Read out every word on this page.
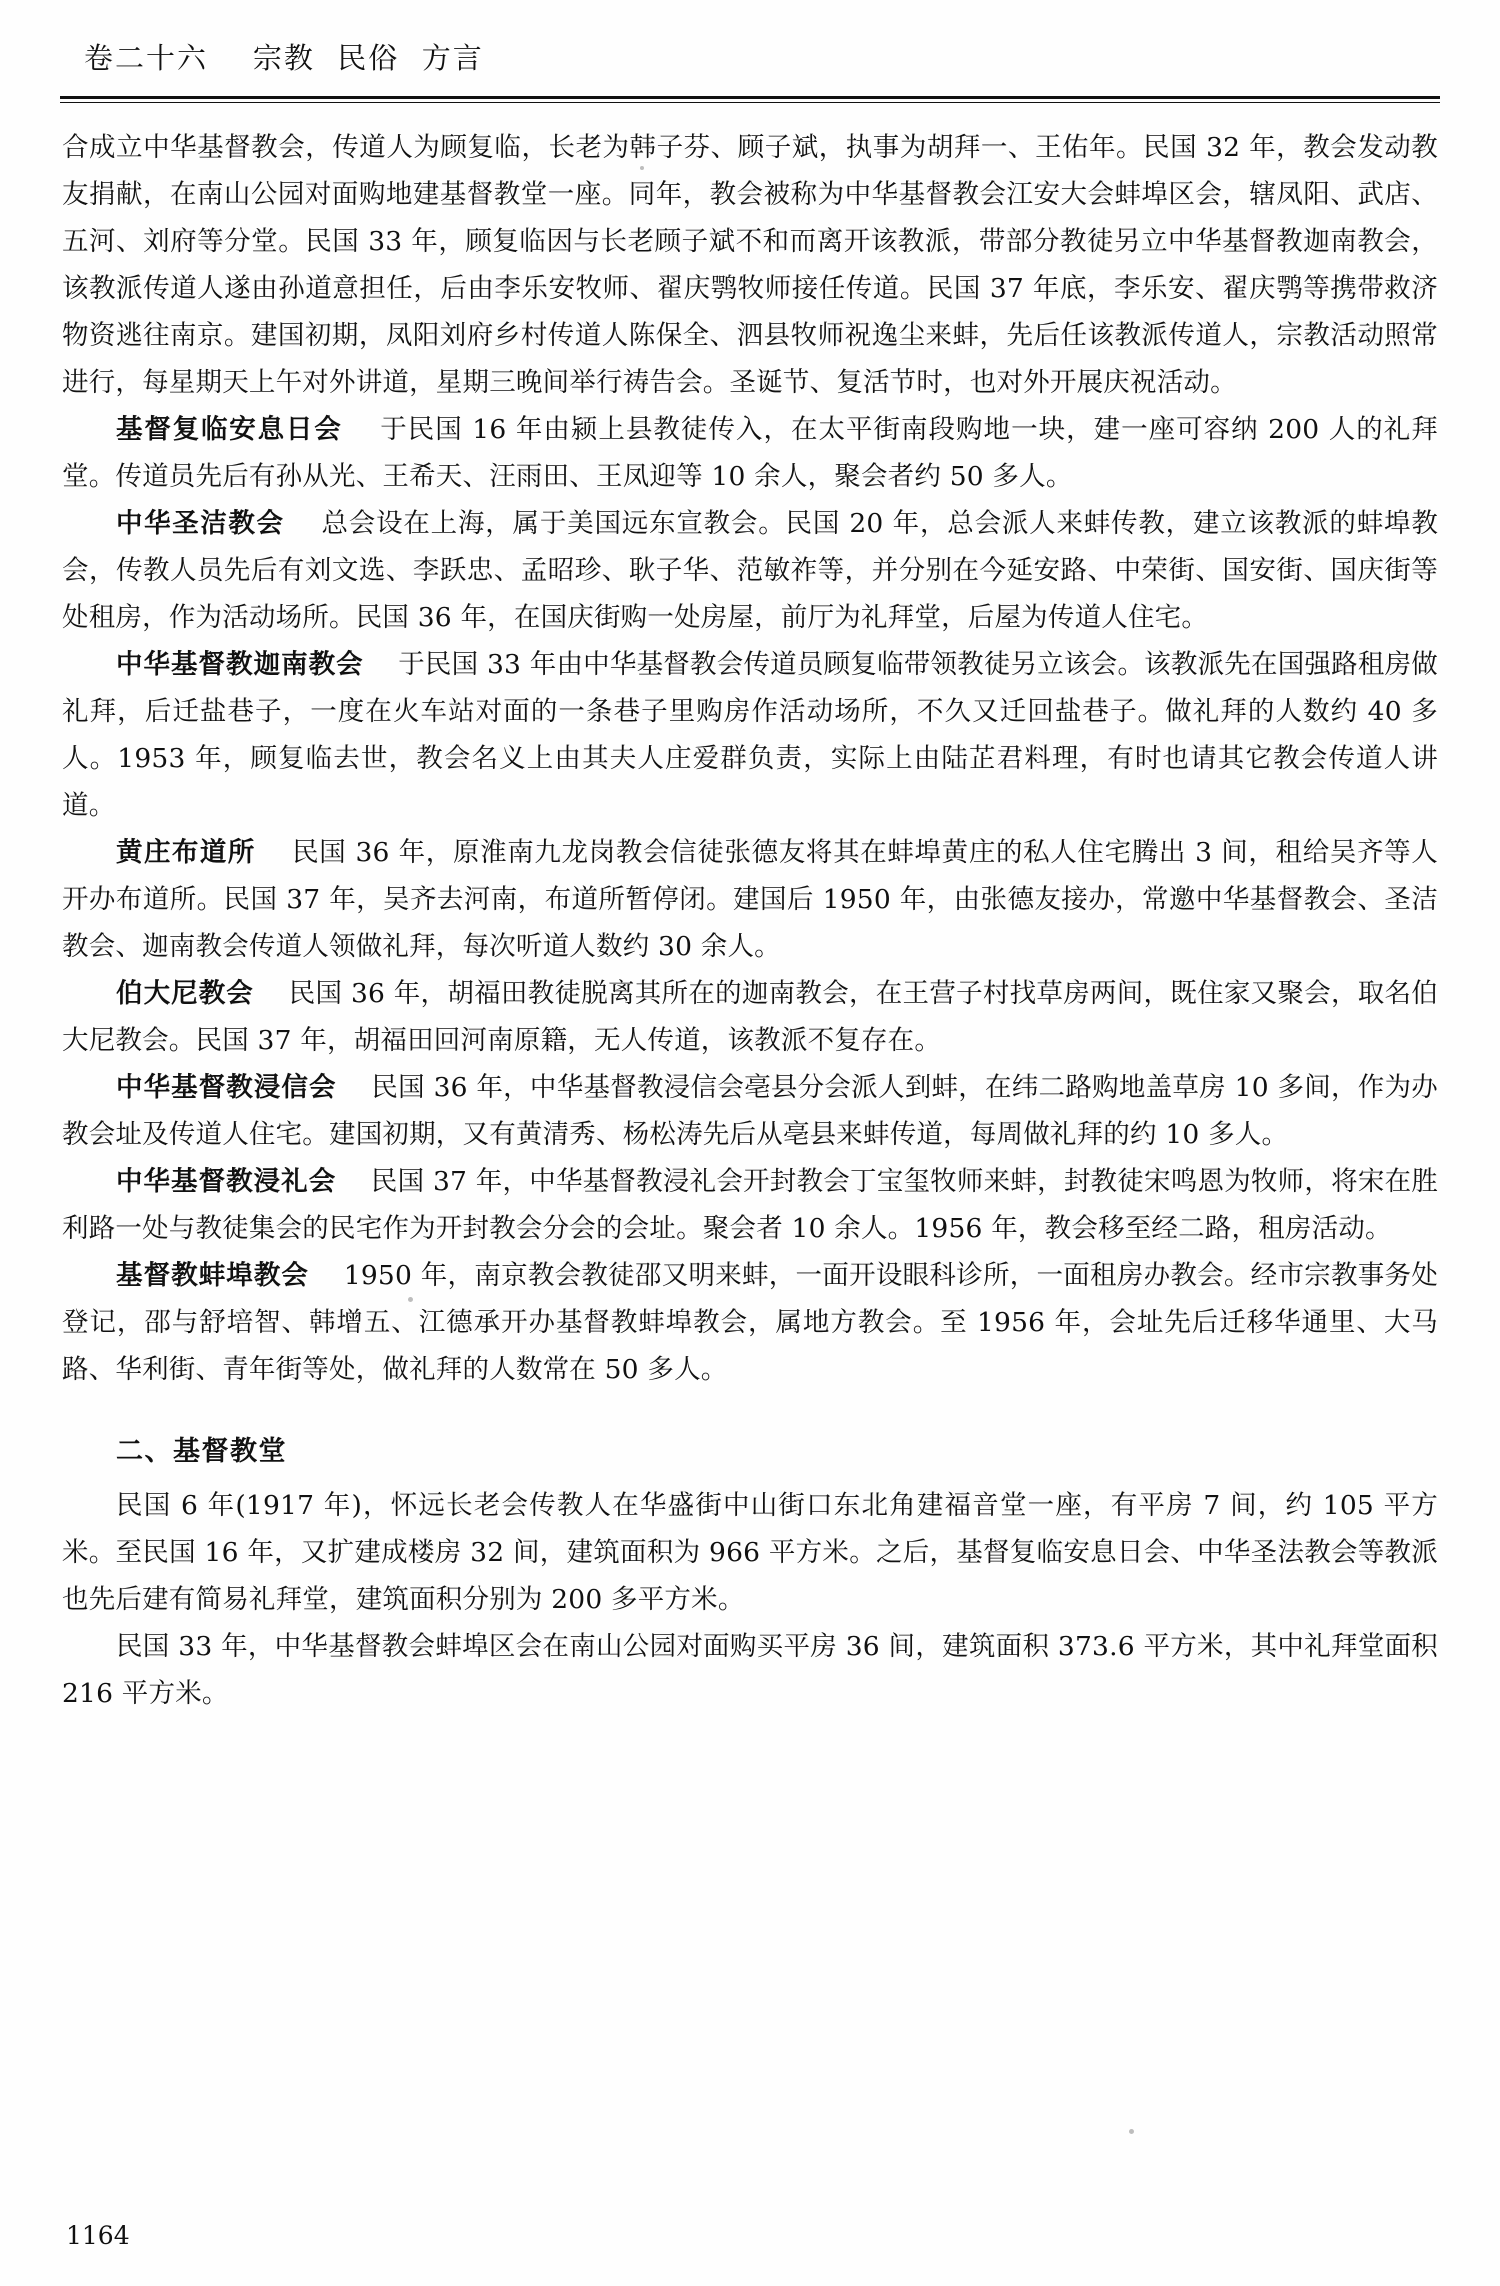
卷二十六    宗教  民俗  方言

合成立中华基督教会，传道人为顾复临，长老为韩子芬、顾子斌，执事为胡拜一、王佑年。民国 32 年，教会发动教友捐献，在南山公园对面购地建基督教堂一座。同年，教会被称为中华基督教会江安大会蚌埠区会，辖凤阳、武店、五河、刘府等分堂。民国 33 年，顾复临因与长老顾子斌不和而离开该教派，带部分教徒另立中华基督教迦南教会，该教派传道人遂由孙道意担任，后由李乐安牧师、翟庆鹗牧师接任传道。民国 37 年底，李乐安、翟庆鹗等携带救济物资逃往南京。建国初期，凤阳刘府乡村传道人陈保全、泗县牧师祝逸尘来蚌，先后任该教派传道人，宗教活动照常进行，每星期天上午对外讲道，星期三晚间举行祷告会。圣诞节、复活节时，也对外开展庆祝活动。

基督复临安息日会 于民国 16 年由颍上县教徒传入，在太平街南段购地一块，建一座可容纳 200 人的礼拜堂。传道员先后有孙从光、王希天、汪雨田、王凤迎等 10 余人，聚会者约 50 多人。

中华圣洁教会 总会设在上海，属于美国远东宣教会。民国 20 年，总会派人来蚌传教，建立该教派的蚌埠教会，传教人员先后有刘文选、李跃忠、孟昭珍、耿子华、范敏祚等，并分别在今延安路、中荣街、国安街、国庆街等处租房，作为活动场所。民国 36 年，在国庆街购一处房屋，前厅为礼拜堂，后屋为传道人住宅。

中华基督教迦南教会 于民国 33 年由中华基督教会传道员顾复临带领教徒另立该会。该教派先在国强路租房做礼拜，后迁盐巷子，一度在火车站对面的一条巷子里购房作活动场所，不久又迁回盐巷子。做礼拜的人数约 40 多人。1953 年，顾复临去世，教会名义上由其夫人庄爱群负责，实际上由陆芷君料理，有时也请其它教会传道人讲道。

黄庄布道所 民国 36 年，原淮南九龙岗教会信徒张德友将其在蚌埠黄庄的私人住宅腾出 3 间，租给吴齐等人开办布道所。民国 37 年，吴齐去河南，布道所暂停闭。建国后 1950 年，由张德友接办，常邀中华基督教会、圣洁教会、迦南教会传道人领做礼拜，每次听道人数约 30 余人。

伯大尼教会 民国 36 年，胡福田教徒脱离其所在的迦南教会，在王营子村找草房两间，既住家又聚会，取名伯大尼教会。民国 37 年，胡福田回河南原籍，无人传道，该教派不复存在。

中华基督教浸信会 民国 36 年，中华基督教浸信会亳县分会派人到蚌，在纬二路购地盖草房 10 多间，作为办教会址及传道人住宅。建国初期，又有黄清秀、杨松涛先后从亳县来蚌传道，每周做礼拜的约 10 多人。

中华基督教浸礼会 民国 37 年，中华基督教浸礼会开封教会丁宝玺牧师来蚌，封教徒宋鸣恩为牧师，将宋在胜利路一处与教徒集会的民宅作为开封教会分会的会址。聚会者 10 余人。1956 年，教会移至经二路，租房活动。

基督教蚌埠教会 1950 年，南京教会教徒邵又明来蚌，一面开设眼科诊所，一面租房办教会。经市宗教事务处登记，邵与舒培智、韩增五、江德承开办基督教蚌埠教会，属地方教会。至 1956 年，会址先后迁移华通里、大马路、华利街、青年街等处，做礼拜的人数常在 50 多人。

二、基督教堂

民国 6 年(1917 年)，怀远长老会传教人在华盛街中山街口东北角建福音堂一座，有平房 7 间，约 105 平方米。至民国 16 年，又扩建成楼房 32 间，建筑面积为 966 平方米。之后，基督复临安息日会、中华圣法教会等教派也先后建有简易礼拜堂，建筑面积分别为 200 多平方米。

民国 33 年，中华基督教会蚌埠区会在南山公园对面购买平房 36 间，建筑面积 373.6 平方米，其中礼拜堂面积 216 平方米。

1164
